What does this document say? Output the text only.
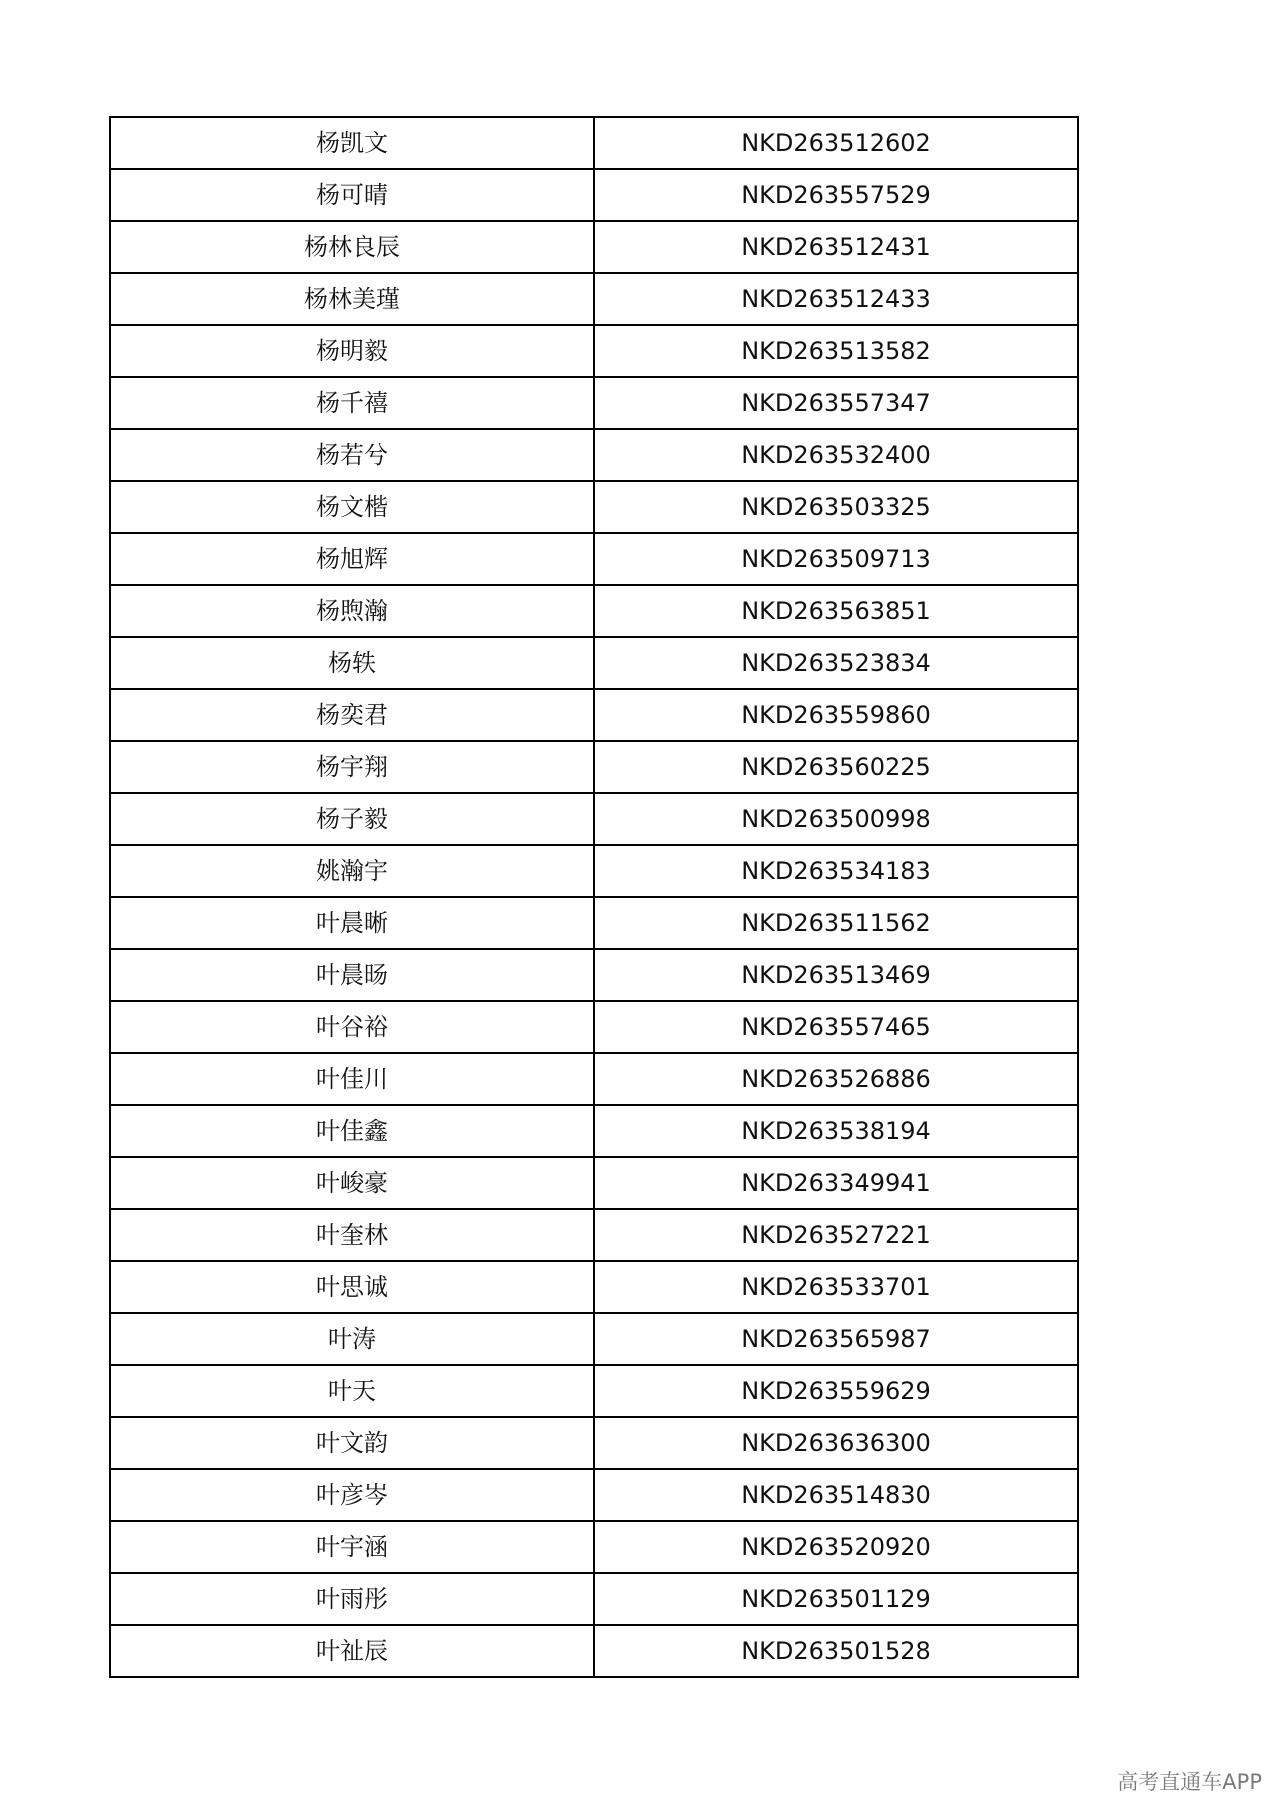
杨凯文	NKD263512602
杨可晴	NKD263557529
杨林良辰	NKD263512431
杨林美瑾	NKD263512433
杨明毅	NKD263513582
杨千禧	NKD263557347
杨若兮	NKD263532400
杨文楷	NKD263503325
杨旭辉	NKD263509713
杨煦瀚	NKD263563851
杨轶	NKD263523834
杨奕君	NKD263559860
杨宇翔	NKD263560225
杨子毅	NKD263500998
姚瀚宇	NKD263534183
叶晨晰	NKD263511562
叶晨旸	NKD263513469
叶谷裕	NKD263557465
叶佳川	NKD263526886
叶佳鑫	NKD263538194
叶峻豪	NKD263349941
叶奎林	NKD263527221
叶思诚	NKD263533701
叶涛	NKD263565987
叶天	NKD263559629
叶文韵	NKD263636300
叶彦岑	NKD263514830
叶宇涵	NKD263520920
叶雨彤	NKD263501129
叶祉辰	NKD263501528
高考直通车APP
